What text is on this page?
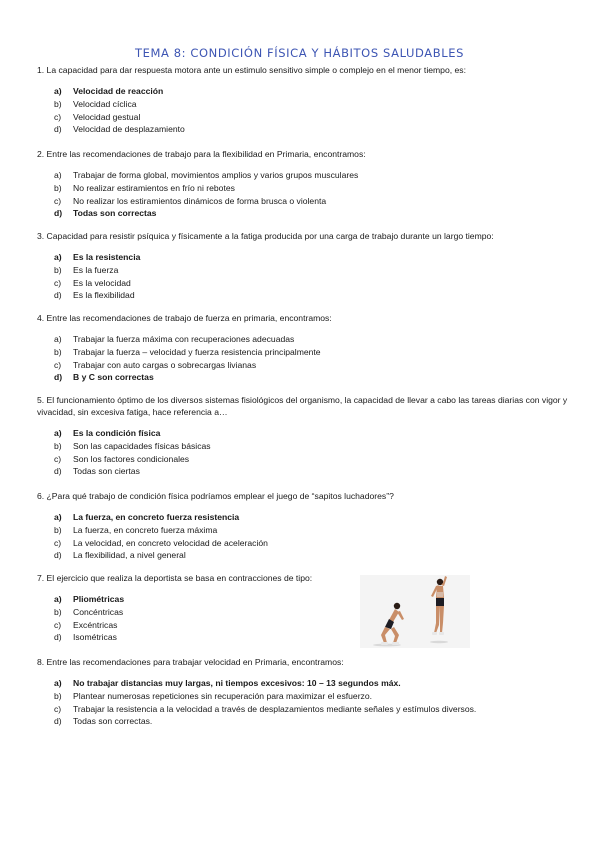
TEMA 8: CONDICIÓN FÍSICA Y HÁBITOS SALUDABLES
1. La capacidad para dar respuesta motora ante un estimulo sensitivo simple o complejo en el menor tiempo, es:
a) Velocidad de reacción
b) Velocidad cíclica
c) Velocidad gestual
d) Velocidad de desplazamiento
2. Entre las recomendaciones de trabajo para la flexibilidad en Primaria, encontramos:
a) Trabajar de forma global, movimientos amplios y varios grupos musculares
b) No realizar estiramientos en frío ni rebotes
c) No realizar los estiramientos dinámicos de forma brusca o violenta
d) Todas son correctas
3. Capacidad para resistir psíquica y físicamente a la fatiga producida por una carga de trabajo durante un largo tiempo:
a) Es la resistencia
b) Es la fuerza
c) Es la velocidad
d) Es la flexibilidad
4. Entre las recomendaciones de trabajo de fuerza en primaria, encontramos:
a) Trabajar la fuerza máxima con recuperaciones adecuadas
b) Trabajar la fuerza – velocidad y fuerza resistencia principalmente
c) Trabajar con auto cargas o sobrecargas livianas
d) B y C son correctas
5. El funcionamiento óptimo de los diversos sistemas fisiológicos del organismo, la capacidad de llevar a cabo las tareas diarias con vigor y vivacidad, sin excesiva fatiga, hace referencia a…
a) Es la condición física
b) Son las capacidades físicas básicas
c) Son los factores condicionales
d) Todas son ciertas
6. ¿Para qué trabajo de condición física podríamos emplear el juego de “sapitos luchadores”?
a) La fuerza, en concreto fuerza resistencia
b) La fuerza, en concreto fuerza máxima
c) La velocidad, en concreto velocidad de aceleración
d) La flexibilidad, a nivel general
7. El ejercicio que realiza la deportista se basa en contracciones de tipo:
a) Pliométricas
b) Concéntricas
c) Excéntricas
d) Isométricas
8. Entre las recomendaciones para trabajar velocidad en Primaria, encontramos:
a) No trabajar distancias muy largas, ni tiempos excesivos: 10 – 13 segundos máx.
b) Plantear numerosas repeticiones sin recuperación para maximizar el esfuerzo.
c) Trabajar la resistencia a la velocidad a través de desplazamientos mediante señales y estímulos diversos.
d) Todas son correctas.
